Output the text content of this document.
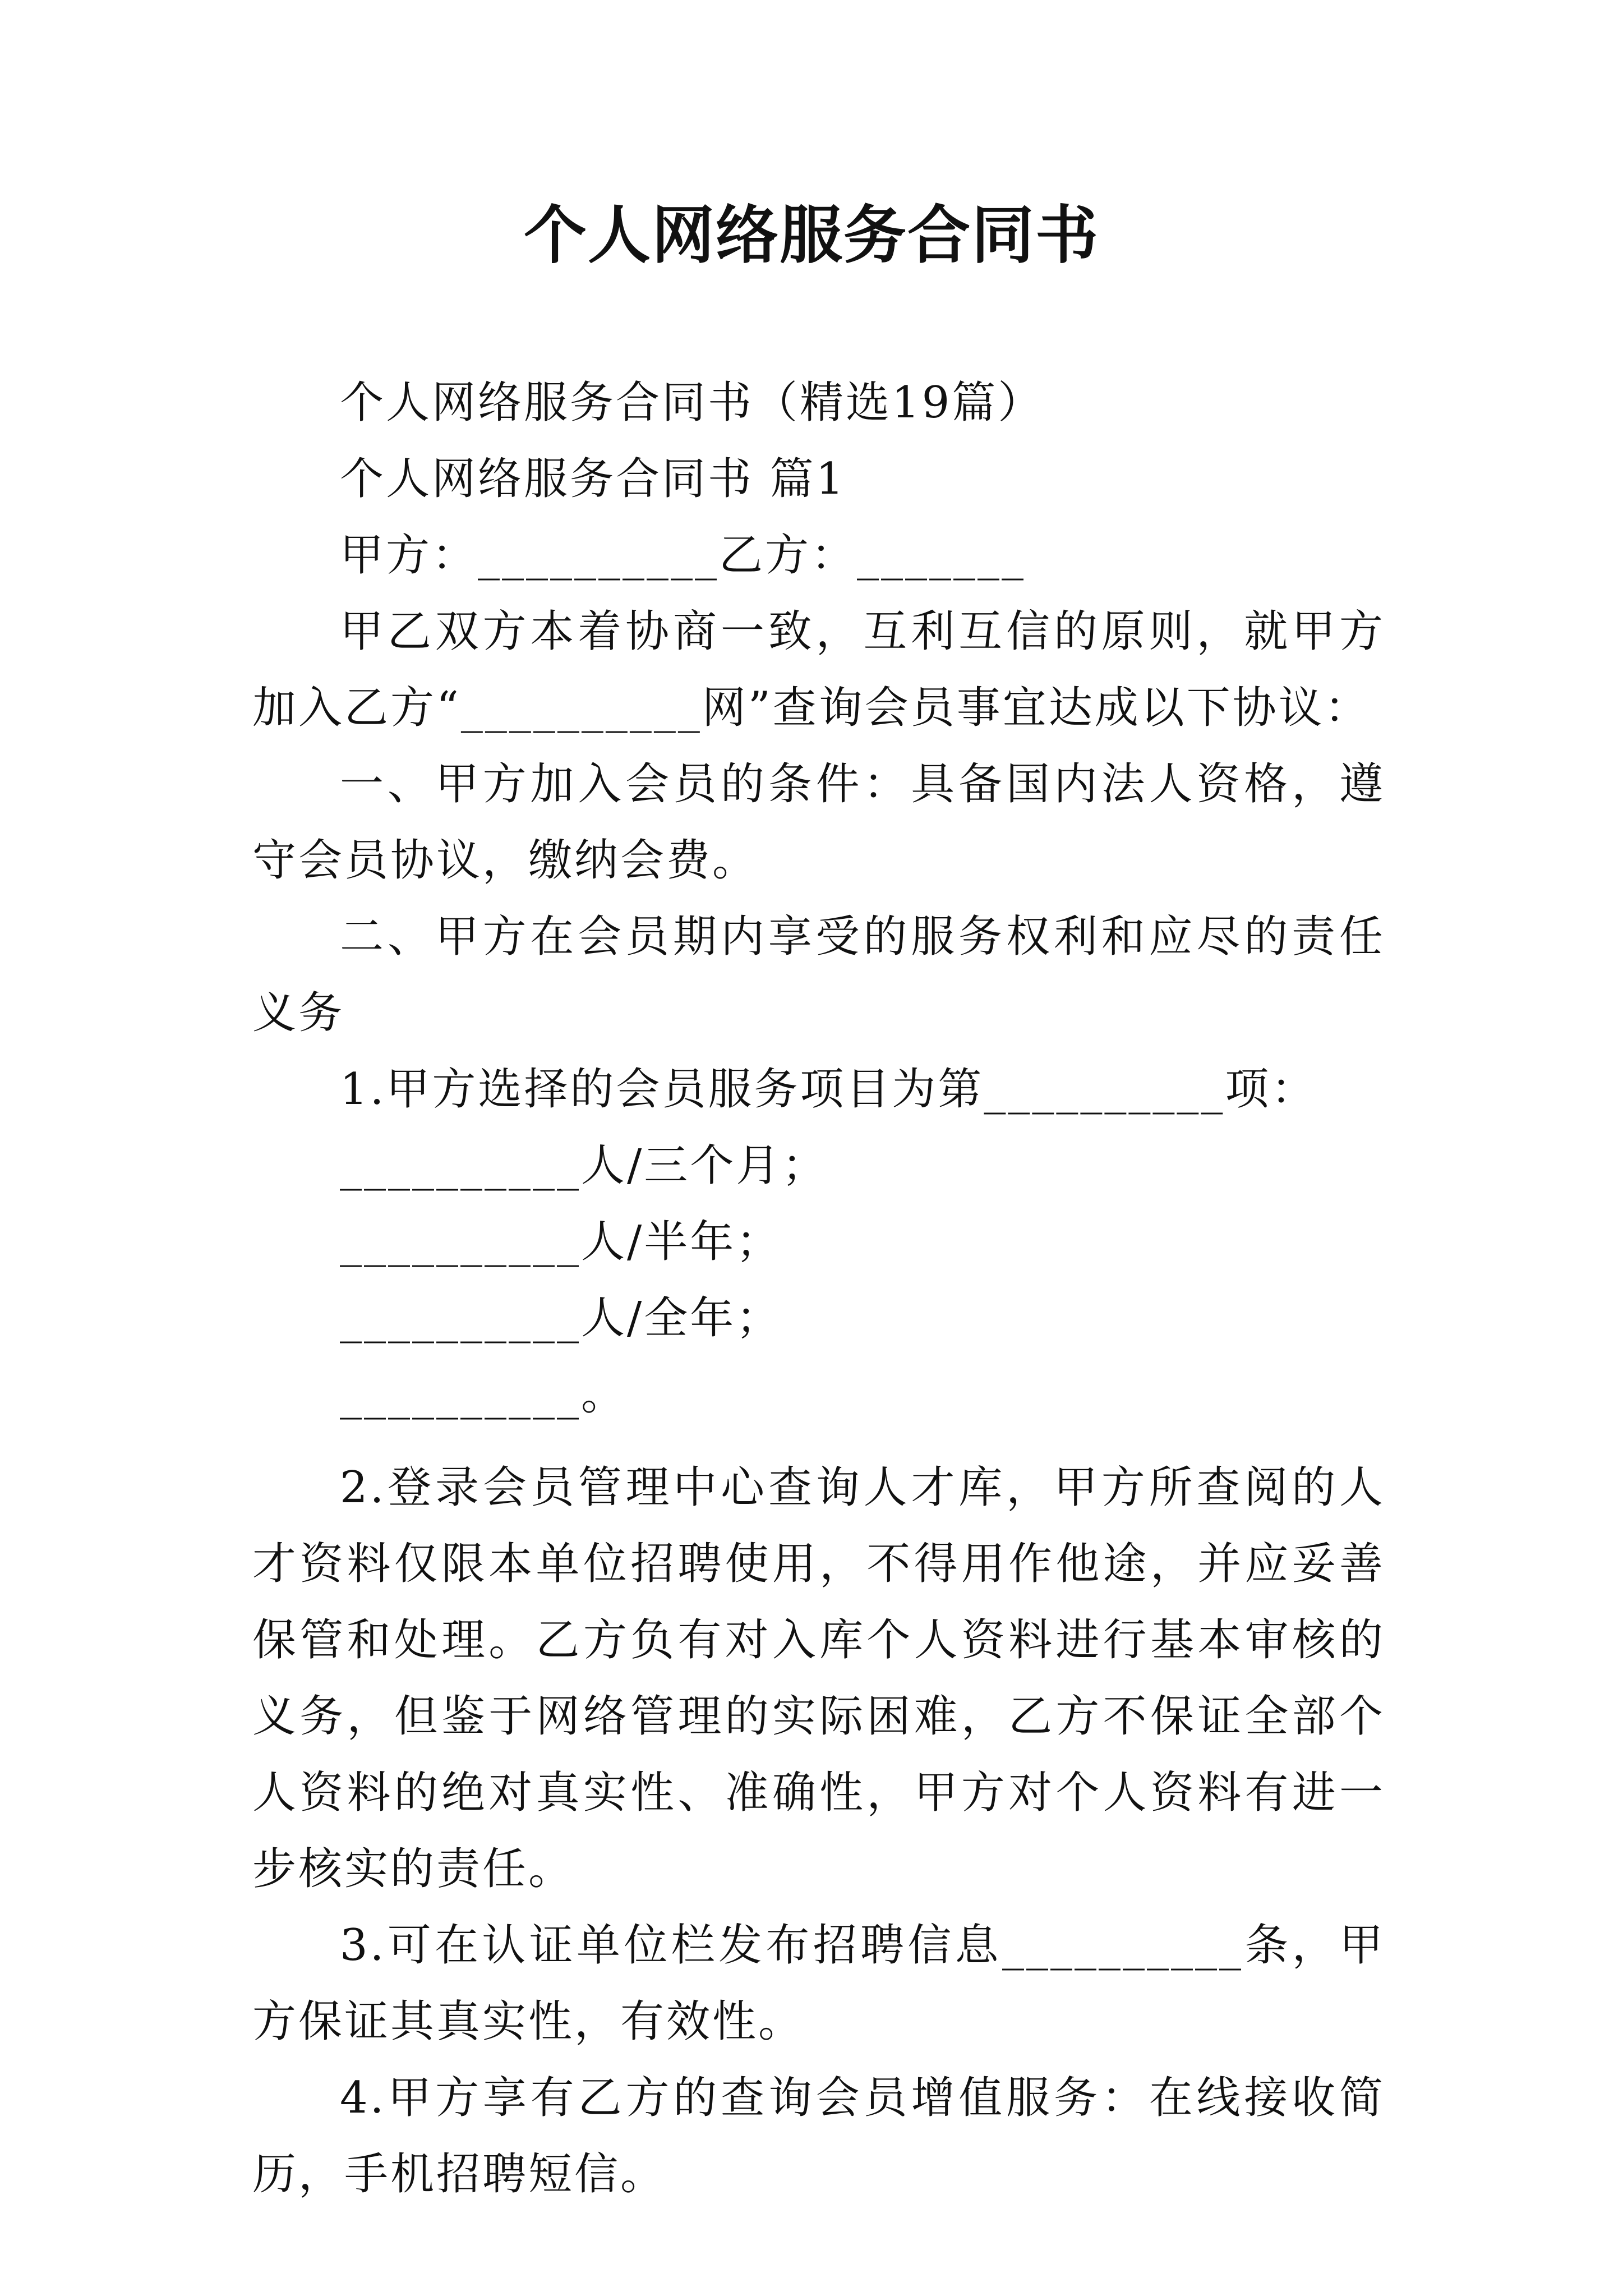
个人网络服务合同书

个人网络服务合同书（精选19篇）

个人网络服务合同书 篇1

甲方：__________乙方：_______

甲乙双方本着协商一致，互利互信的原则，就甲方加入乙方“__________网”查询会员事宜达成以下协议：

一、甲方加入会员的条件：具备国内法人资格，遵守会员协议，缴纳会费。

二、甲方在会员期内享受的服务权利和应尽的责任义务

1.甲方选择的会员服务项目为第__________项：

__________人/三个月；

__________人/半年；

__________人/全年；

__________。

2.登录会员管理中心查询人才库，甲方所查阅的人才资料仅限本单位招聘使用，不得用作他途，并应妥善保管和处理。乙方负有对入库个人资料进行基本审核的义务，但鉴于网络管理的实际困难，乙方不保证全部个人资料的绝对真实性、准确性，甲方对个人资料有进一步核实的责任。

3.可在认证单位栏发布招聘信息__________条，甲方保证其真实性，有效性。

4.甲方享有乙方的查询会员增值服务：在线接收简历，手机招聘短信。
